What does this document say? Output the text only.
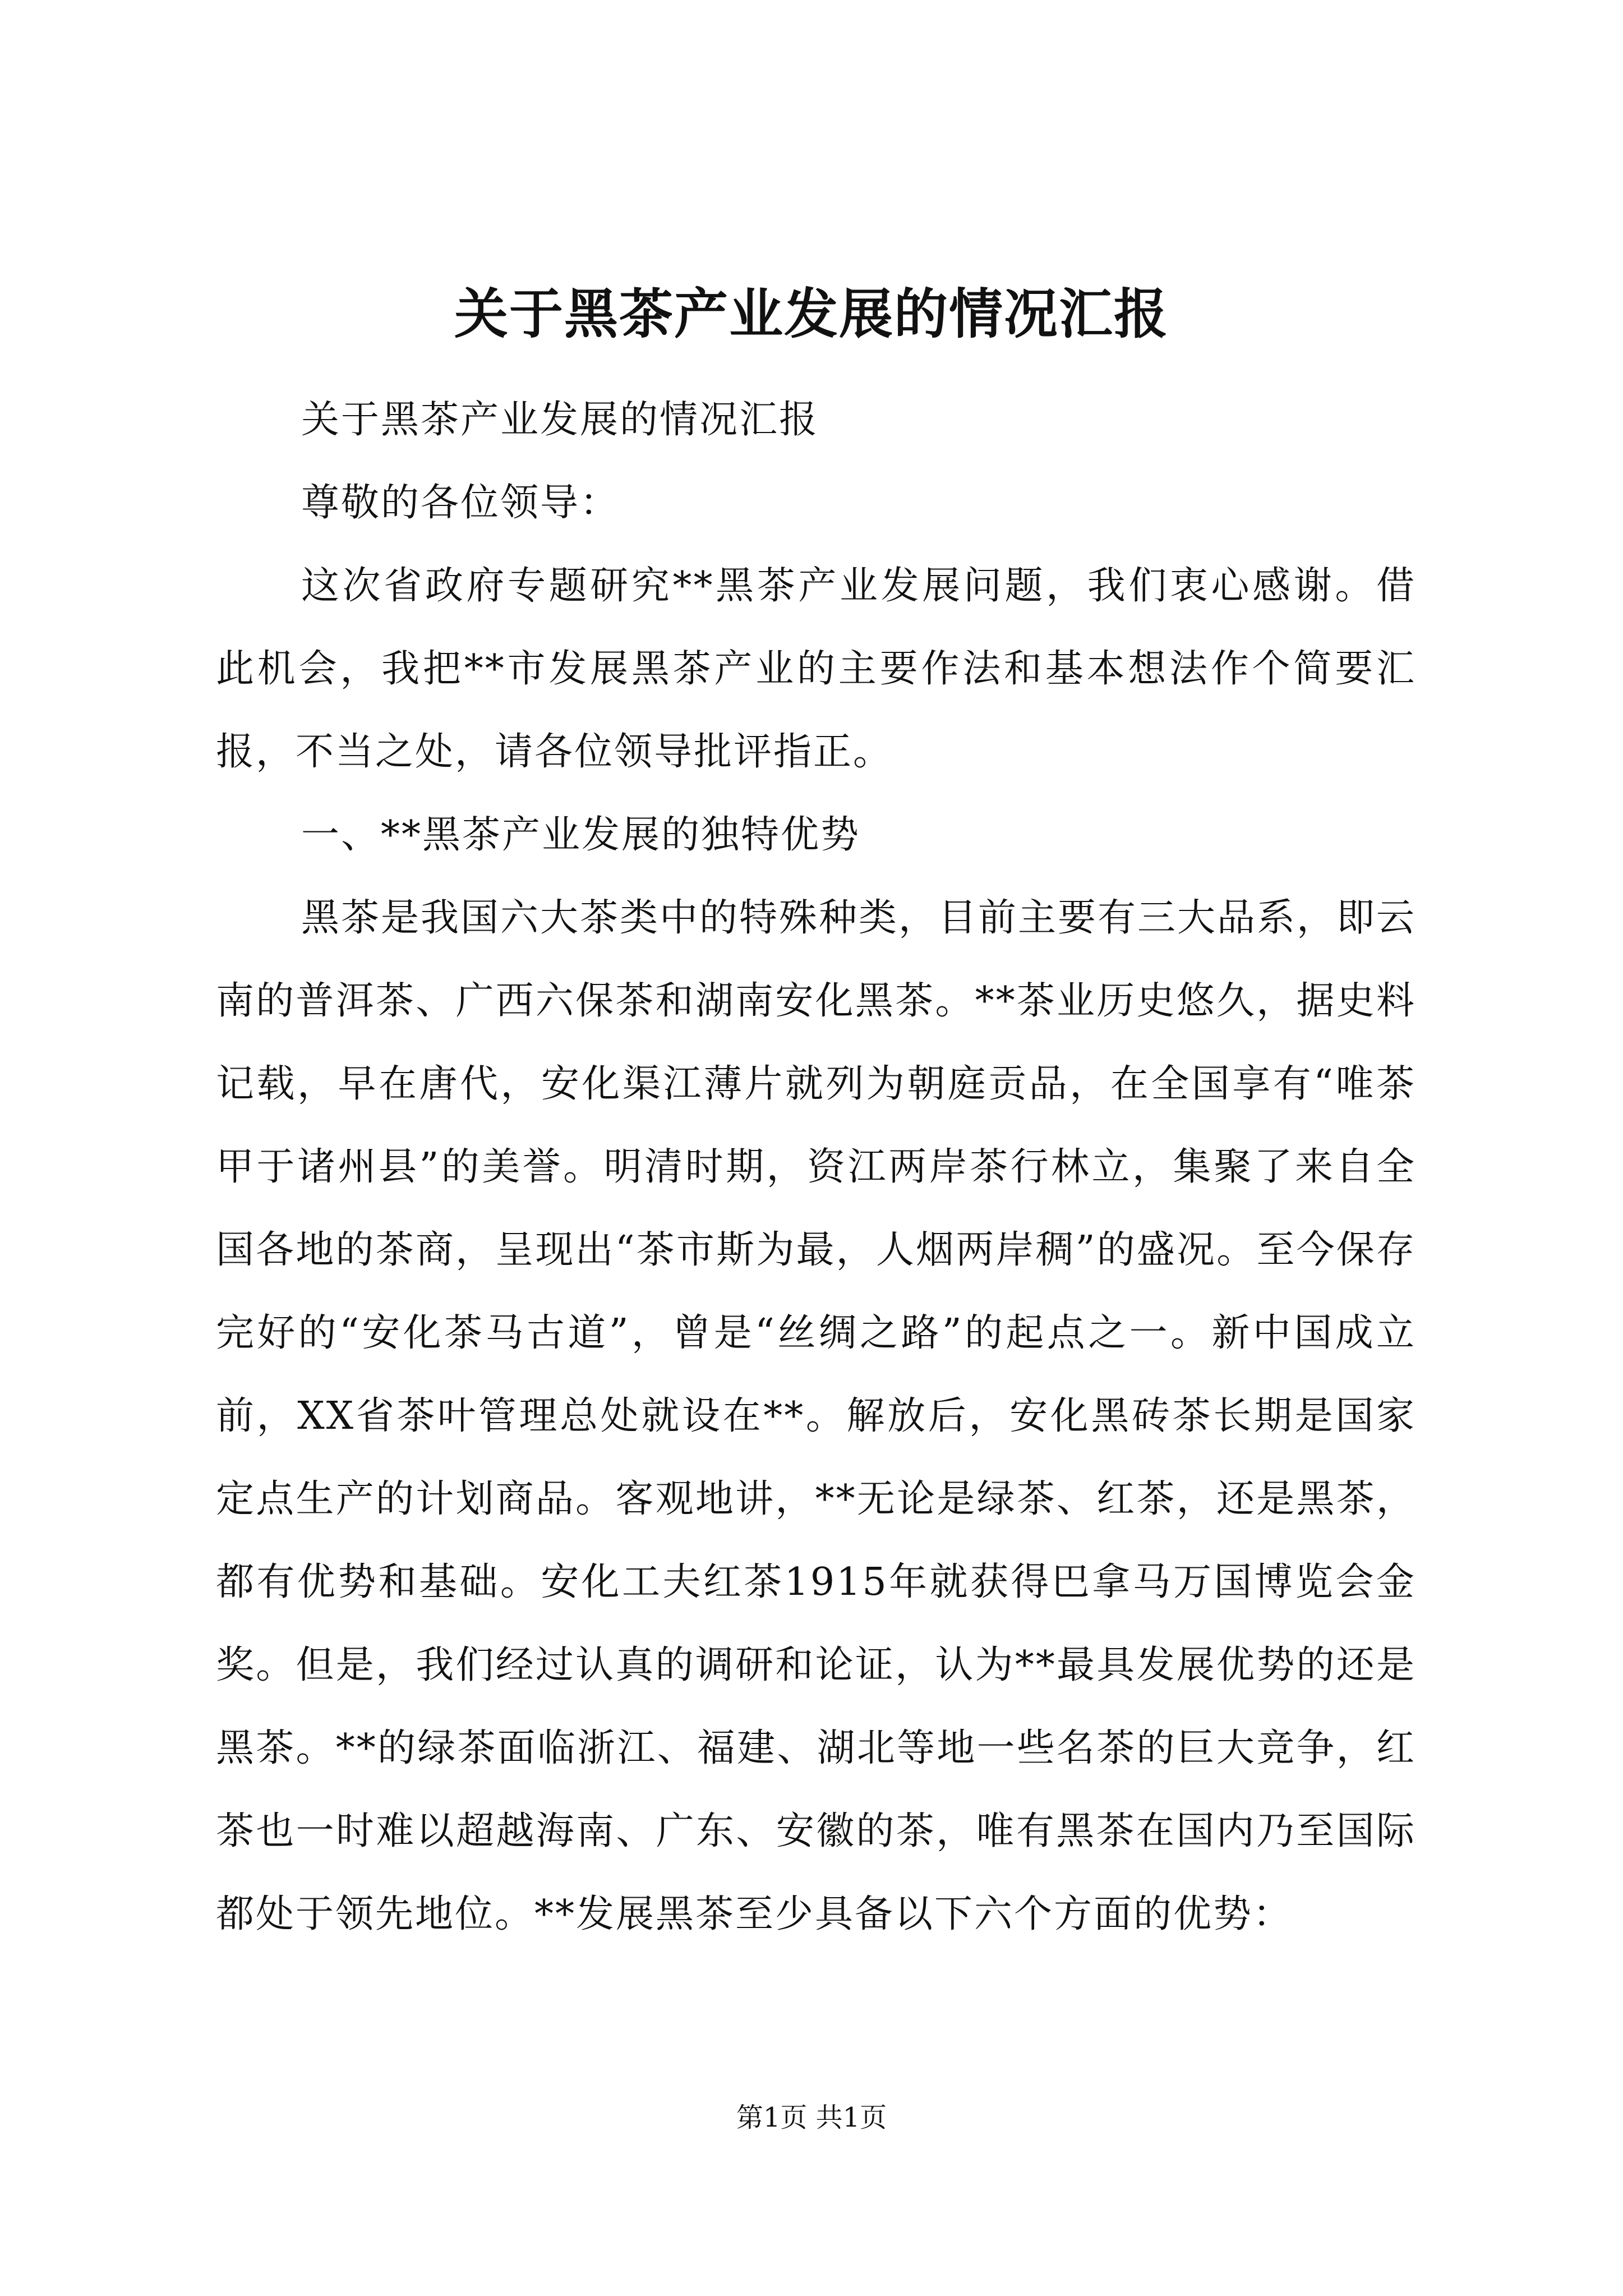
关于黑茶产业发展的情况汇报

关于黑茶产业发展的情况汇报

尊敬的各位领导：

这次省政府专题研究**黑茶产业发展问题，我们衷心感谢。借此机会，我把**市发展黑茶产业的主要作法和基本想法作个简要汇报，不当之处，请各位领导批评指正。

一、**黑茶产业发展的独特优势

黑茶是我国六大茶类中的特殊种类，目前主要有三大品系，即云南的普洱茶、广西六保茶和湖南安化黑茶。**茶业历史悠久，据史料记载，早在唐代，安化渠江薄片就列为朝庭贡品，在全国享有“唯茶甲于诸州县”的美誉。明清时期，资江两岸茶行林立，集聚了来自全国各地的茶商，呈现出“茶市斯为最，人烟两岸稠”的盛况。至今保存完好的“安化茶马古道”，曾是“丝绸之路”的起点之一。新中国成立前，XX省茶叶管理总处就设在**。解放后，安化黑砖茶长期是国家定点生产的计划商品。客观地讲，**无论是绿茶、红茶，还是黑茶，都有优势和基础。安化工夫红茶1915年就获得巴拿马万国博览会金奖。但是，我们经过认真的调研和论证，认为**最具发展优势的还是黑茶。**的绿茶面临浙江、福建、湖北等地一些名茶的巨大竞争，红茶也一时难以超越海南、广东、安徽的茶，唯有黑茶在国内乃至国际都处于领先地位。**发展黑茶至少具备以下六个方面的优势：

第1页 共1页
